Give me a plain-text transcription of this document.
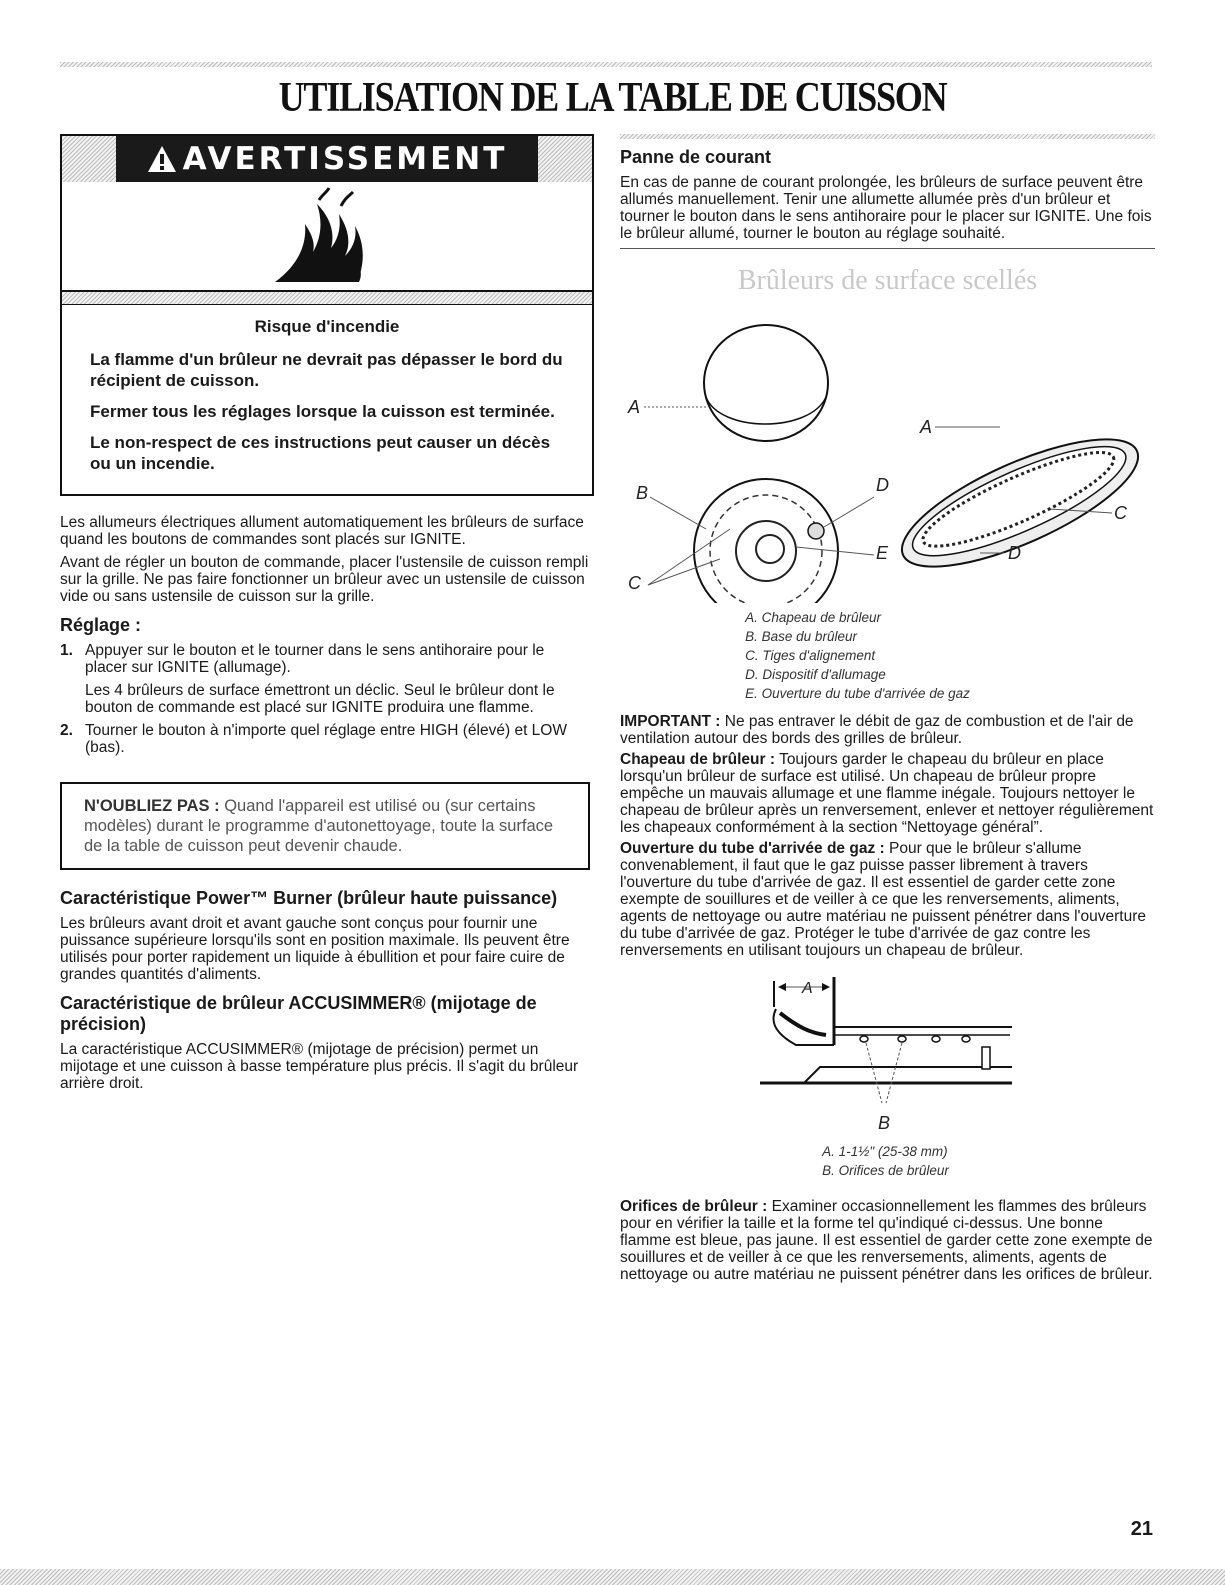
UTILISATION DE LA TABLE DE CUISSON
AVERTISSEMENT
Risque d'incendie

La flamme d'un brûleur ne devrait pas dépasser le bord du récipient de cuisson.

Fermer tous les réglages lorsque la cuisson est terminée.

Le non-respect de ces instructions peut causer un décès ou un incendie.

Les allumeurs électriques allument automatiquement les brûleurs de surface quand les boutons de commandes sont placés sur IGNITE.

Avant de régler un bouton de commande, placer l'ustensile de cuisson rempli sur la grille. Ne pas faire fonctionner un brûleur avec un ustensile de cuisson vide ou sans ustensile de cuisson sur la grille.

Réglage :
1. Appuyer sur le bouton et le tourner dans le sens antihoraire pour le placer sur IGNITE (allumage).
Les 4 brûleurs de surface émettront un déclic. Seul le brûleur dont le bouton de commande est placé sur IGNITE produira une flamme.
2. Tourner le bouton à n'importe quel réglage entre HIGH (élevé) et LOW (bas).
N'OUBLIEZ PAS : Quand l'appareil est utilisé ou (sur certains modèles) durant le programme d'autonettoyage, toute la surface de la table de cuisson peut devenir chaude.
Caractéristique Power™ Burner (brûleur haute puissance)

Les brûleurs avant droit et avant gauche sont conçus pour fournir une puissance supérieure lorsqu'ils sont en position maximale. Ils peuvent être utilisés pour porter rapidement un liquide à ébullition et pour faire cuire de grandes quantités d'aliments.

Caractéristique de brûleur ACCUSIMMER® (mijotage de précision)

La caractéristique ACCUSIMMER® (mijotage de précision) permet un mijotage et une cuisson à basse température plus précis. Il s'agit du brûleur arrière droit.

Panne de courant

En cas de panne de courant prolongée, les brûleurs de surface peuvent être allumés manuellement. Tenir une allumette allumée près d'un brûleur et tourner le bouton dans le sens antihoraire pour le placer sur IGNITE. Une fois le brûleur allumé, tourner le bouton au réglage souhaité.

Brûleurs de surface scellés
A
B
C
D
E
A
C
D
A. Chapeau de brûleur
B. Base du brûleur
C. Tiges d'alignement
D. Dispositif d'allumage
E. Ouverture du tube d'arrivée de gaz

IMPORTANT : Ne pas entraver le débit de gaz de combustion et de l'air de ventilation autour des bords des grilles de brûleur.

Chapeau de brûleur : Toujours garder le chapeau du brûleur en place lorsqu'un brûleur de surface est utilisé. Un chapeau de brûleur propre empêche un mauvais allumage et une flamme inégale. Toujours nettoyer le chapeau de brûleur après un renversement, enlever et nettoyer régulièrement les chapeaux conformément à la section “Nettoyage général”.

Ouverture du tube d'arrivée de gaz : Pour que le brûleur s'allume convenablement, il faut que le gaz puisse passer librement à travers l'ouverture du tube d'arrivée de gaz. Il est essentiel de garder cette zone exempte de souillures et de veiller à ce que les renversements, aliments, agents de nettoyage ou autre matériau ne puissent pénétrer dans l'ouverture du tube d'arrivée de gaz. Protéger le tube d'arrivée de gaz contre les renversements en utilisant toujours un chapeau de brûleur.

A
B
A. 1-1½" (25-38 mm)
B. Orifices de brûleur

Orifices de brûleur : Examiner occasionnellement les flammes des brûleurs pour en vérifier la taille et la forme tel qu'indiqué ci-dessus. Une bonne flamme est bleue, pas jaune. Il est essentiel de garder cette zone exempte de souillures et de veiller à ce que les renversements, aliments, agents de nettoyage ou autre matériau ne puissent pénétrer dans les orifices de brûleur.

21
